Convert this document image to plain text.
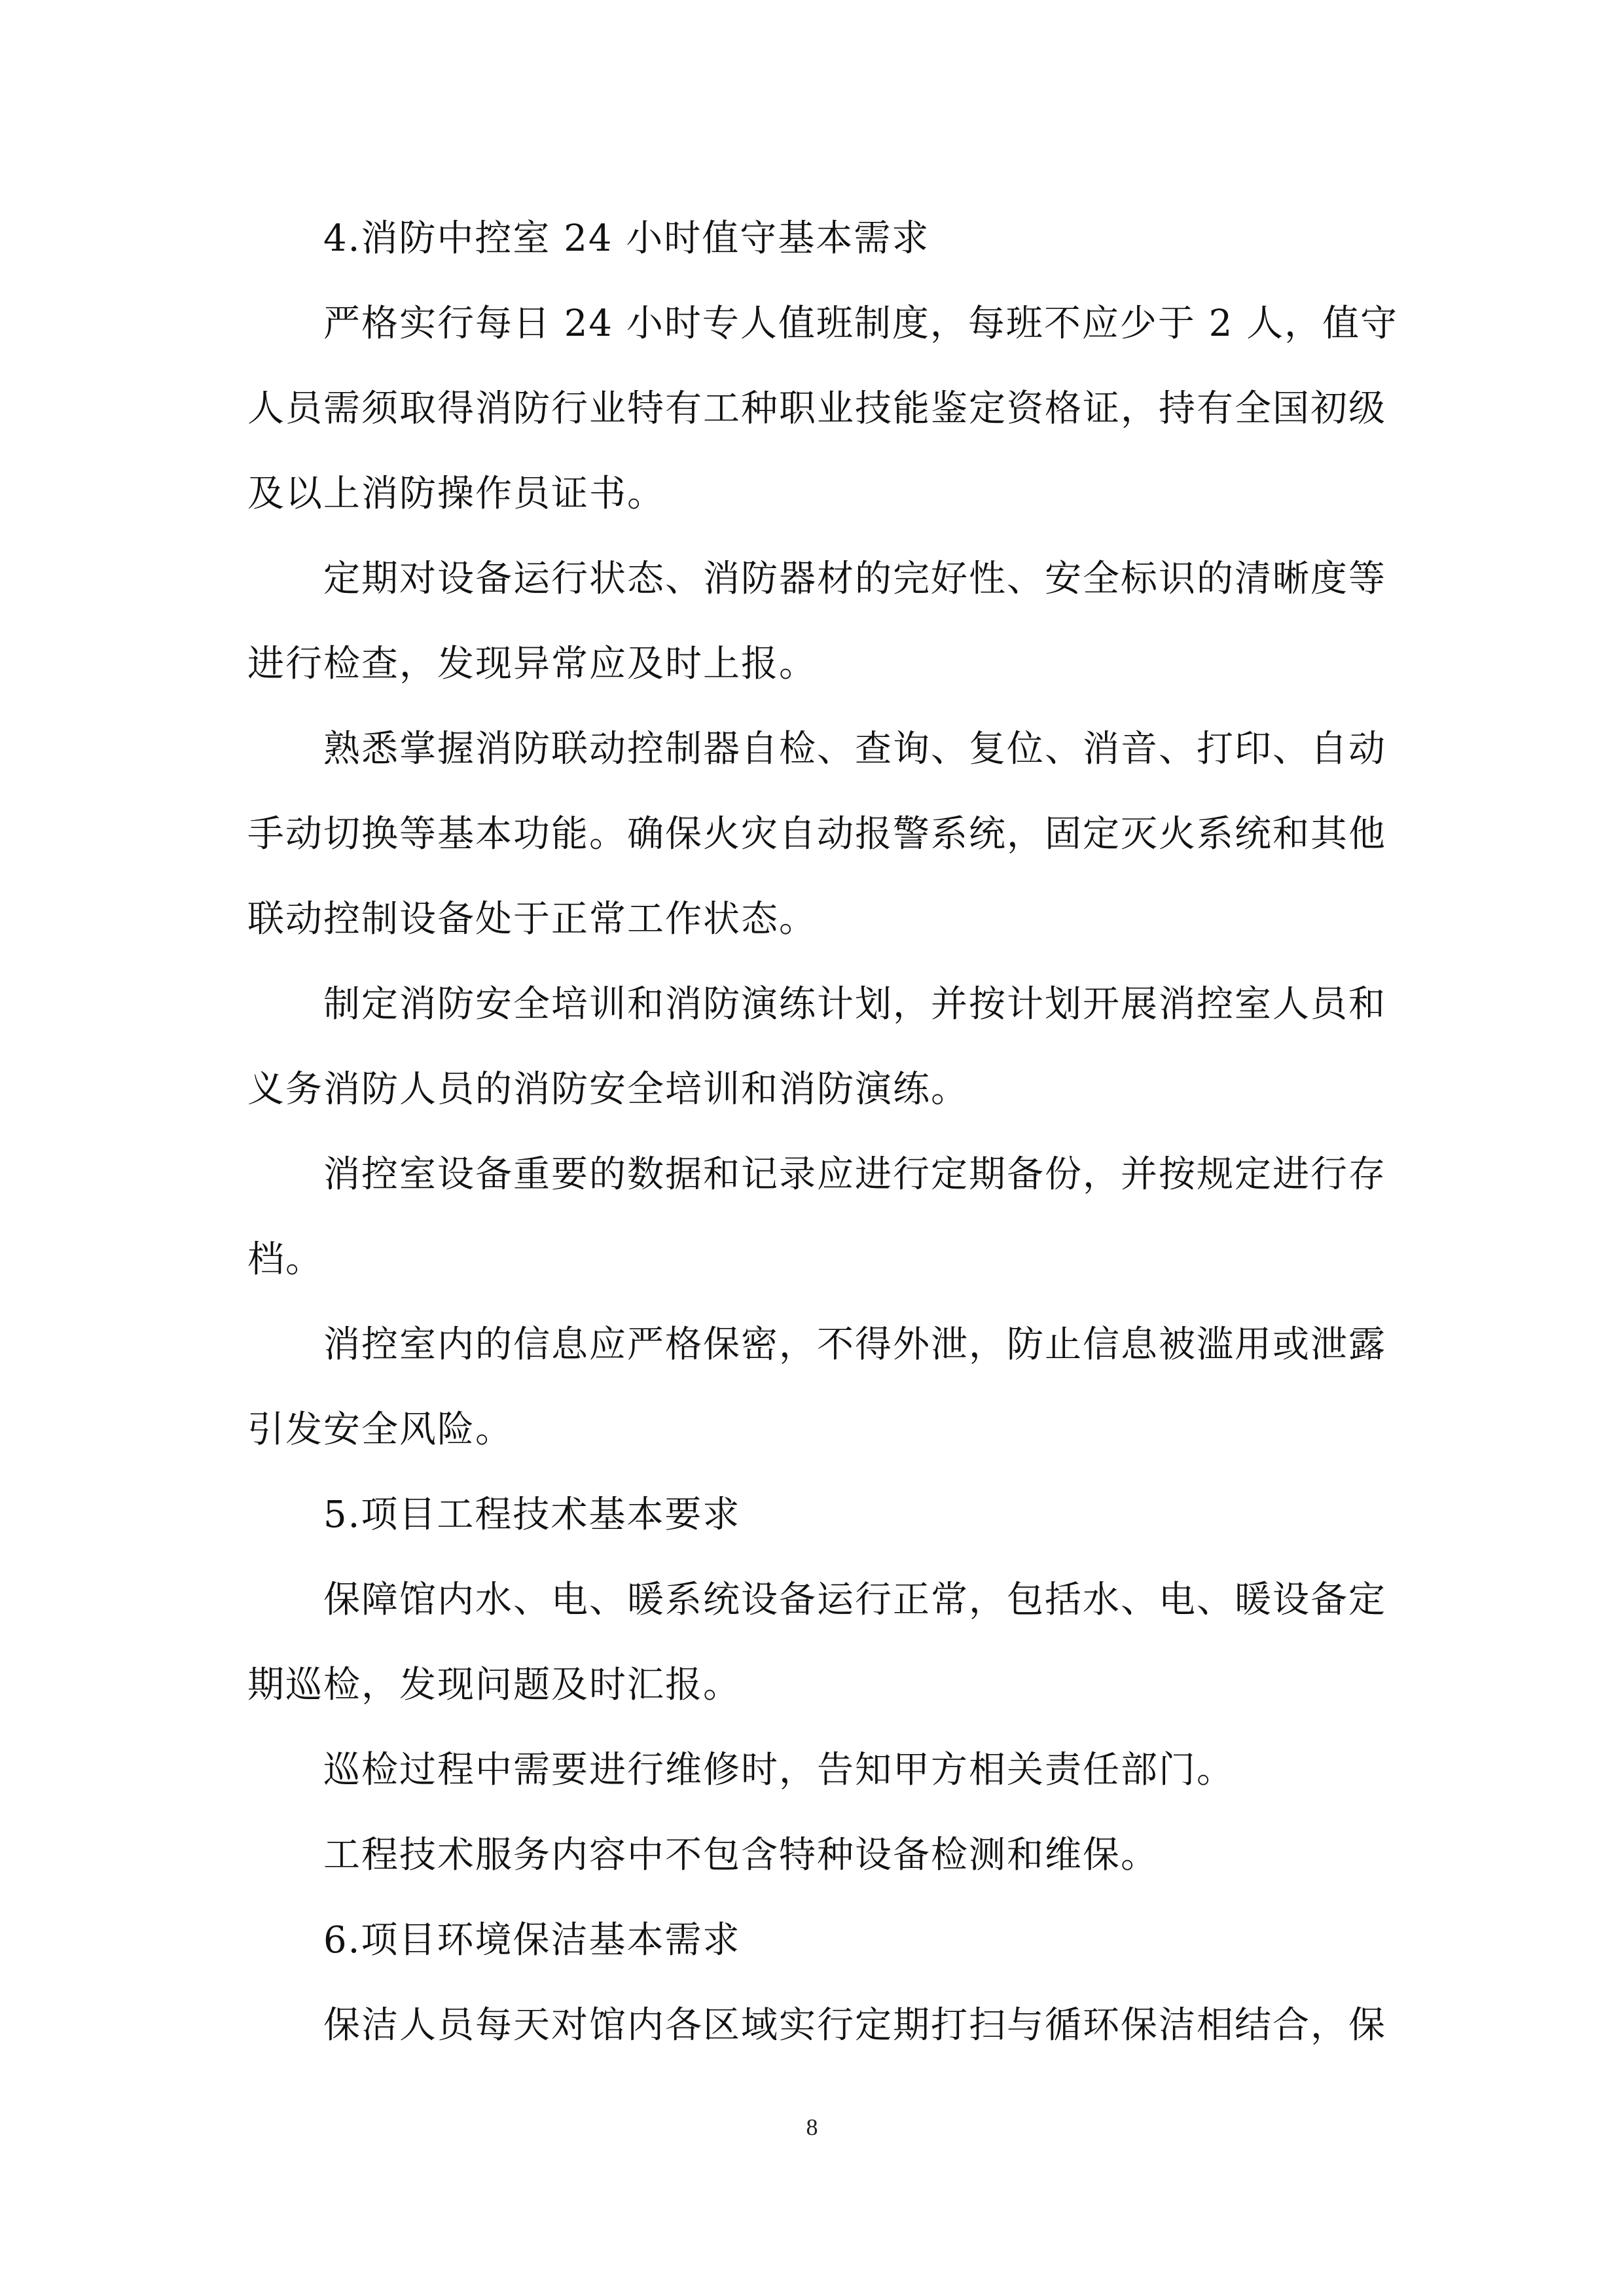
4.消防中控室 24 小时值守基本需求
严格实行每日 24 小时专人值班制度，每班不应少于 2 人，值守
人员需须取得消防行业特有工种职业技能鉴定资格证，持有全国初级
及以上消防操作员证书。
定期对设备运行状态、消防器材的完好性、安全标识的清晰度等
进行检查，发现异常应及时上报。
熟悉掌握消防联动控制器自检、查询、复位、消音、打印、自动
手动切换等基本功能。确保火灾自动报警系统，固定灭火系统和其他
联动控制设备处于正常工作状态。
制定消防安全培训和消防演练计划，并按计划开展消控室人员和
义务消防人员的消防安全培训和消防演练。
消控室设备重要的数据和记录应进行定期备份，并按规定进行存
档。
消控室内的信息应严格保密，不得外泄，防止信息被滥用或泄露
引发安全风险。
5.项目工程技术基本要求
保障馆内水、电、暖系统设备运行正常，包括水、电、暖设备定
期巡检，发现问题及时汇报。
巡检过程中需要进行维修时，告知甲方相关责任部门。
工程技术服务内容中不包含特种设备检测和维保。
6.项目环境保洁基本需求
保洁人员每天对馆内各区域实行定期打扫与循环保洁相结合，保
8
